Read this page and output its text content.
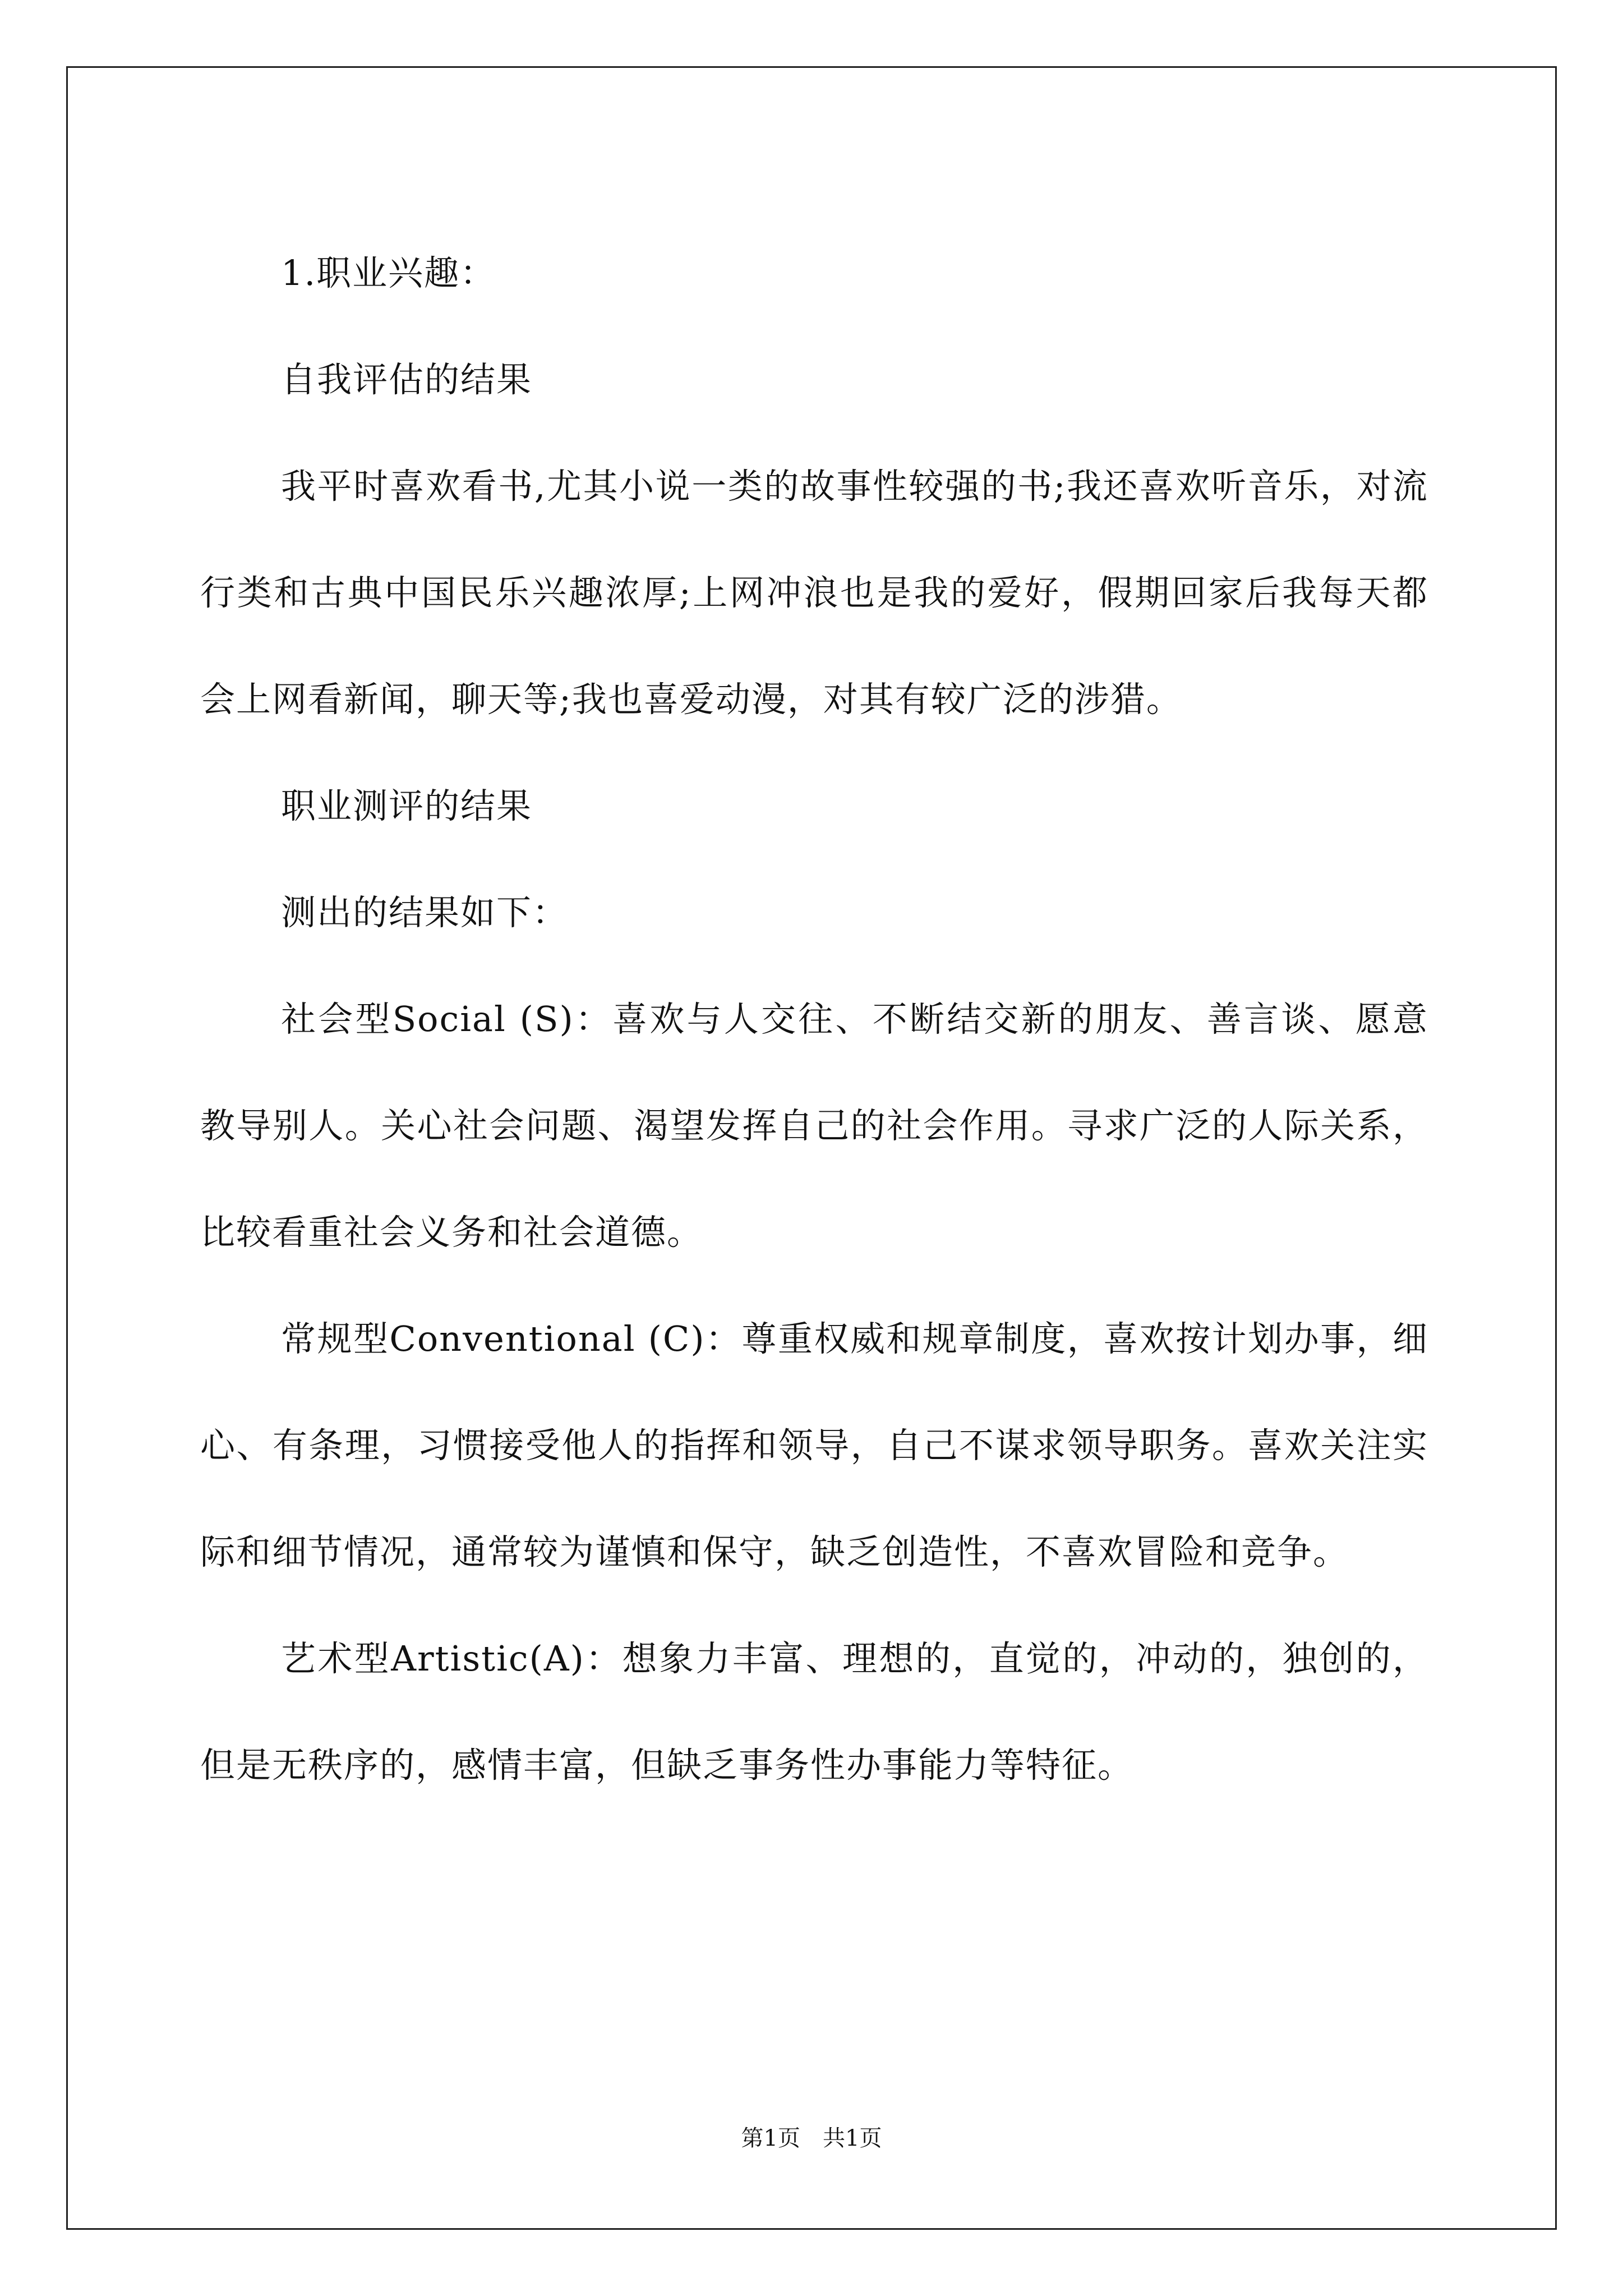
1.职业兴趣：

自我评估的结果

我平时喜欢看书,尤其小说一类的故事性较强的书;我还喜欢听音乐，对流行类和古典中国民乐兴趣浓厚;上网冲浪也是我的爱好，假期回家后我每天都会上网看新闻，聊天等;我也喜爱动漫，对其有较广泛的涉猎。

职业测评的结果

测出的结果如下：

社会型Social (S)：喜欢与人交往、不断结交新的朋友、善言谈、愿意教导别人。关心社会问题、渴望发挥自己的社会作用。寻求广泛的人际关系，比较看重社会义务和社会道德。

常规型Conventional (C)：尊重权威和规章制度，喜欢按计划办事，细心、有条理，习惯接受他人的指挥和领导，自己不谋求领导职务。喜欢关注实际和细节情况，通常较为谨慎和保守，缺乏创造性，不喜欢冒险和竞争。

艺术型Artistic(A)：想象力丰富、理想的，直觉的，冲动的，独创的，但是无秩序的，感情丰富，但缺乏事务性办事能力等特征。

第1页　共1页
